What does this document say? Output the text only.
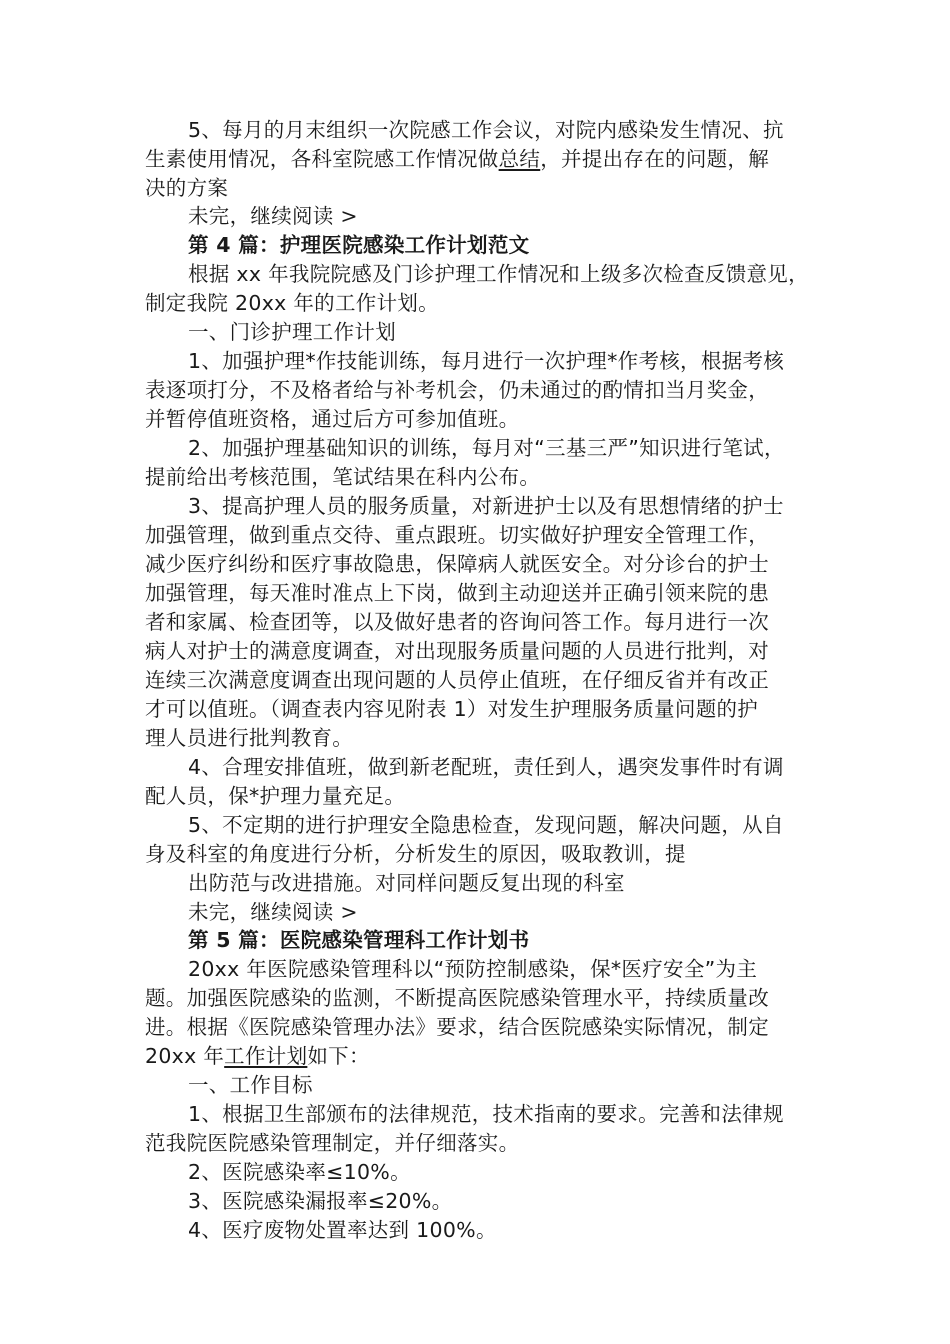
5、每月的月末组织一次院感工作会议，对院内感染发生情况、抗
生素使用情况，各科室院感工作情况做总结，并提出存在的问题，解
决的方案
未完，继续阅读 >
第 4 篇：护理医院感染工作计划范文
根据 xx 年我院院感及门诊护理工作情况和上级多次检查反馈意见，
制定我院 20xx 年的工作计划。
一、门诊护理工作计划
1、加强护理*作技能训练，每月进行一次护理*作考核，根据考核
表逐项打分，不及格者给与补考机会，仍未通过的酌情扣当月奖金，
并暂停值班资格，通过后方可参加值班。
2、加强护理基础知识的训练，每月对“三基三严”知识进行笔试，
提前给出考核范围，笔试结果在科内公布。
3、提高护理人员的服务质量，对新进护士以及有思想情绪的护士
加强管理，做到重点交待、重点跟班。切实做好护理安全管理工作，
减少医疗纠纷和医疗事故隐患，保障病人就医安全。对分诊台的护士
加强管理，每天准时准点上下岗，做到主动迎送并正确引领来院的患
者和家属、检查团等，以及做好患者的咨询问答工作。每月进行一次
病人对护士的满意度调查，对出现服务质量问题的人员进行批判，对
连续三次满意度调查出现问题的人员停止值班，在仔细反省并有改正
才可以值班。（调查表内容见附表 1）对发生护理服务质量问题的护
理人员进行批判教育。
4、合理安排值班，做到新老配班，责任到人，遇突发事件时有调
配人员，保*护理力量充足。
5、不定期的进行护理安全隐患检查，发现问题，解决问题，从自
身及科室的角度进行分析，分析发生的原因，吸取教训，提
出防范与改进措施。对同样问题反复出现的科室
未完，继续阅读 >
第 5 篇：医院感染管理科工作计划书
20xx 年医院感染管理科以“预防控制感染，保*医疗安全”为主
题。加强医院感染的监测，不断提高医院感染管理水平，持续质量改
进。根据《医院感染管理办法》要求，结合医院感染实际情况，制定
20xx 年工作计划如下：
一、工作目标
1、根据卫生部颁布的法律规范，技术指南的要求。完善和法律规
范我院医院感染管理制定，并仔细落实。
2、医院感染率≤10%。
3、医院感染漏报率≤20%。
4、医疗废物处置率达到 100%。
